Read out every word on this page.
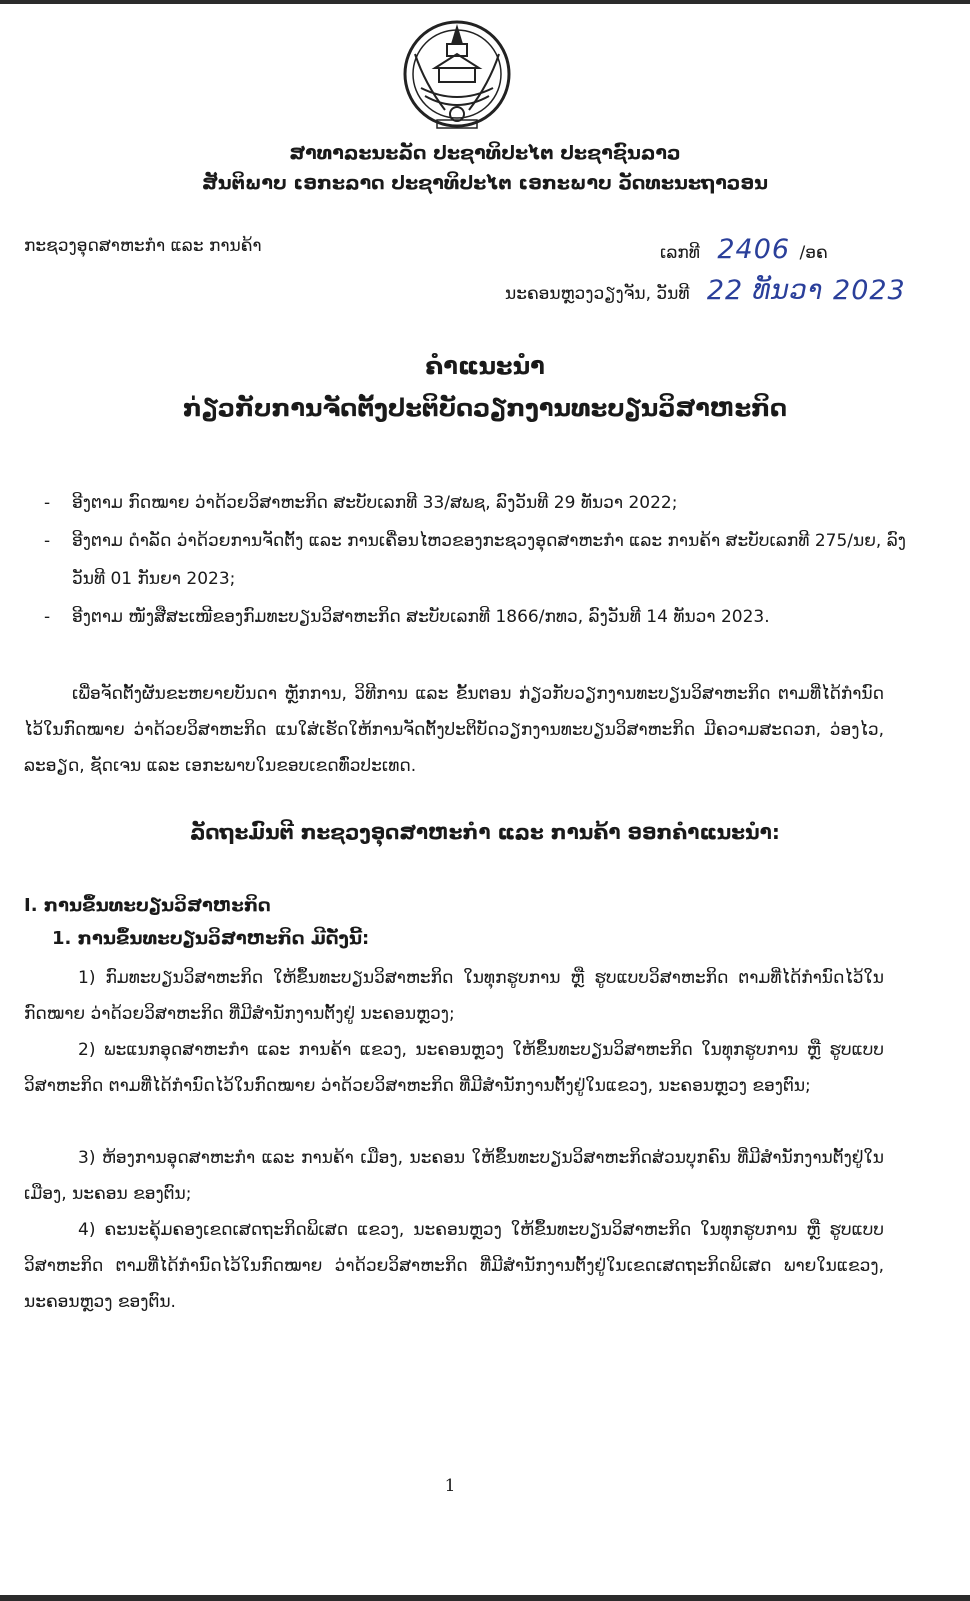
ສາທາລະນະລັດ ປະຊາທິປະໄຕ ປະຊາຊົນລາວ
ສັນຕິພາບ ເອກະລາດ ປະຊາທິປະໄຕ ເອກະພາບ ວັດທະນະຖາວອນ
ກະຊວງອຸດສາຫະກຳ ແລະ ການຄ້າ	ເລກທີ 2406 /ອຄ
ນະຄອນຫຼວງວຽງຈັນ, ວັນທີ 22 ທັນວາ 2023
ຄຳແນະນຳ
ກ່ຽວກັບການຈັດຕັ້ງປະຕິບັດວຽກງານທະບຽນວິສາຫະກິດ
- ອີງຕາມ ກົດໝາຍ ວ່າດ້ວຍວິສາຫະກິດ ສະບັບເລກທີ 33/ສພຊ, ລົງວັນທີ 29 ທັນວາ 2022;
- ອີງຕາມ ດຳລັດ ວ່າດ້ວຍການຈັດຕັ້ງ ແລະ ການເຄື່ອນໄຫວຂອງກະຊວງອຸດສາຫະກຳ ແລະ ການຄ້າ ສະບັບເລກທີ 275/ນຍ, ລົງວັນທີ 01 ກັນຍາ 2023;
- ອີງຕາມ ໜັງສືສະເໜີຂອງກົມທະບຽນວິສາຫະກິດ ສະບັບເລກທີ 1866/ກທວ, ລົງວັນທີ 14 ທັນວາ 2023.
ເພື່ອຈັດຕັ້ງຜັນຂະຫຍາຍບັນດາ ຫຼັກການ, ວິທີການ ແລະ ຂັ້ນຕອນ ກ່ຽວກັບວຽກງານທະບຽນວິສາຫະກິດ ຕາມທີ່ໄດ້ກຳນົດໄວ້ໃນກົດໝາຍ ວ່າດ້ວຍວິສາຫະກິດ ແນໃສ່ເຮັດໃຫ້ການຈັດຕັ້ງປະຕິບັດວຽກງານທະບຽນວິສາຫະກິດ ມີຄວາມສະດວກ, ວ່ອງໄວ, ລະອຽດ, ຊັດເຈນ ແລະ ເອກະພາບໃນຂອບເຂດທົ່ວປະເທດ.
ລັດຖະມົນຕີ ກະຊວງອຸດສາຫະກຳ ແລະ ການຄ້າ ອອກຄຳແນະນຳ:
I. ການຂຶ້ນທະບຽນວິສາຫະກິດ
1. ການຂຶ້ນທະບຽນວິສາຫະກິດ ມີດັ່ງນີ້:
1) ກົມທະບຽນວິສາຫະກິດ ໃຫ້ຂຶ້ນທະບຽນວິສາຫະກິດ ໃນທຸກຮູບການ ຫຼື ຮູບແບບວິສາຫະກິດ ຕາມທີ່ໄດ້ກຳນົດໄວ້ໃນກົດໝາຍ ວ່າດ້ວຍວິສາຫະກິດ ທີ່ມີສຳນັກງານຕັ້ງຢູ່ ນະຄອນຫຼວງ;
2) ພະແນກອຸດສາຫະກຳ ແລະ ການຄ້າ ແຂວງ, ນະຄອນຫຼວງ ໃຫ້ຂຶ້ນທະບຽນວິສາຫະກິດ ໃນທຸກຮູບການ ຫຼື ຮູບແບບວິສາຫະກິດ ຕາມທີ່ໄດ້ກຳນົດໄວ້ໃນກົດໝາຍ ວ່າດ້ວຍວິສາຫະກິດ ທີ່ມີສຳນັກງານຕັ້ງຢູ່ໃນແຂວງ, ນະຄອນຫຼວງ ຂອງຕົນ;
3) ຫ້ອງການອຸດສາຫະກຳ ແລະ ການຄ້າ ເມືອງ, ນະຄອນ ໃຫ້ຂຶ້ນທະບຽນວິສາຫະກິດສ່ວນບຸກຄົນ ທີ່ມີສຳນັກງານຕັ້ງຢູ່ໃນເມືອງ, ນະຄອນ ຂອງຕົນ;
4) ຄະນະຄຸ້ມຄອງເຂດເສດຖະກິດພິເສດ ແຂວງ, ນະຄອນຫຼວງ ໃຫ້ຂຶ້ນທະບຽນວິສາຫະກິດ ໃນທຸກຮູບການ ຫຼື ຮູບແບບວິສາຫະກິດ ຕາມທີ່ໄດ້ກຳນົດໄວ້ໃນກົດໝາຍ ວ່າດ້ວຍວິສາຫະກິດ ທີ່ມີສຳນັກງານຕັ້ງຢູ່ໃນເຂດເສດຖະກິດພິເສດ ພາຍໃນແຂວງ, ນະຄອນຫຼວງ ຂອງຕົນ.
1
